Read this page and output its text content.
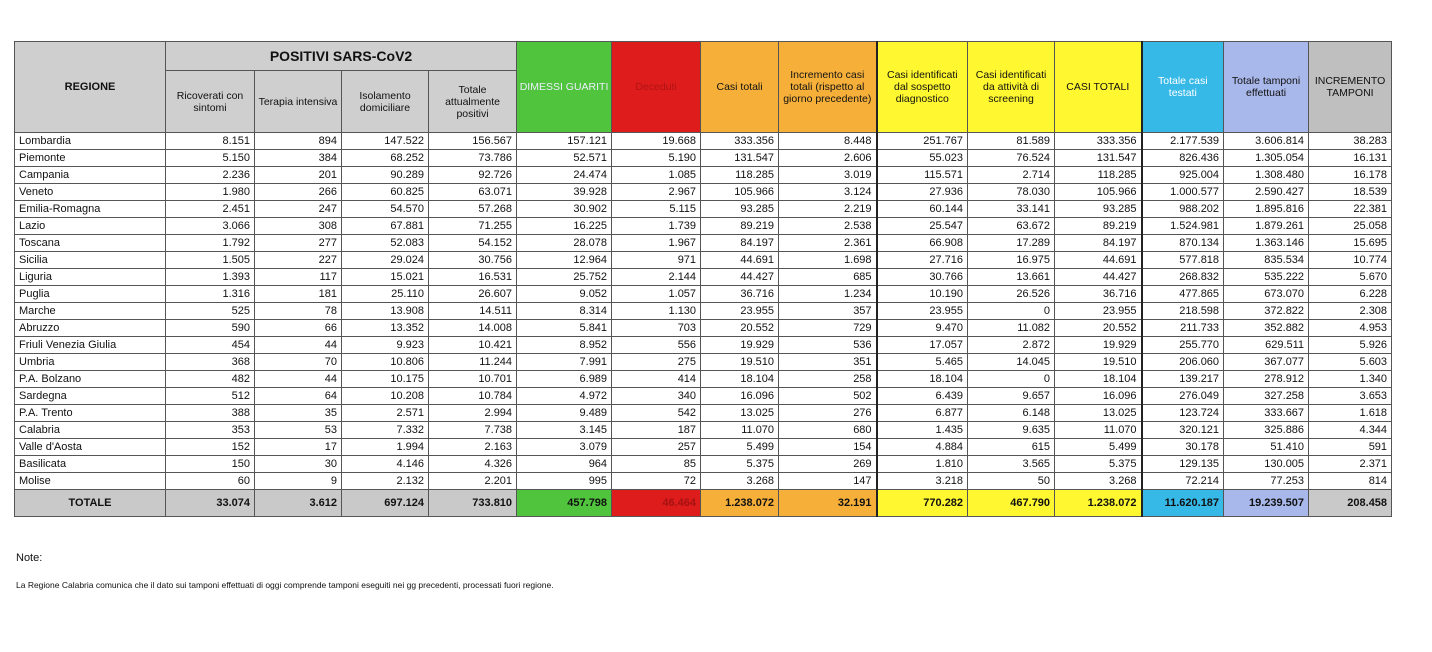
REGIONE	POSITIVI SARS-CoV2				DIMESSI GUARITI	Deceduti	Casi totali	Incremento casi totali (rispetto al giorno precedente)	Casi identificati dal sospetto diagnostico	Casi identificati da attività di screening	CASI TOTALI	Totale casi testati	Totale tamponi effettuati	INCREMENTO TAMPONI
	Ricoverati con sintomi	Terapia intensiva	Isolamento domiciliare	Totale attualmente positivi										
Lombardia	8.151	894	147.522	156.567	157.121	19.668	333.356	8.448	251.767	81.589	333.356	2.177.539	3.606.814	38.283
Piemonte	5.150	384	68.252	73.786	52.571	5.190	131.547	2.606	55.023	76.524	131.547	826.436	1.305.054	16.131
Campania	2.236	201	90.289	92.726	24.474	1.085	118.285	3.019	115.571	2.714	118.285	925.004	1.308.480	16.178
Veneto	1.980	266	60.825	63.071	39.928	2.967	105.966	3.124	27.936	78.030	105.966	1.000.577	2.590.427	18.539
Emilia-Romagna	2.451	247	54.570	57.268	30.902	5.115	93.285	2.219	60.144	33.141	93.285	988.202	1.895.816	22.381
Lazio	3.066	308	67.881	71.255	16.225	1.739	89.219	2.538	25.547	63.672	89.219	1.524.981	1.879.261	25.058
Toscana	1.792	277	52.083	54.152	28.078	1.967	84.197	2.361	66.908	17.289	84.197	870.134	1.363.146	15.695
Sicilia	1.505	227	29.024	30.756	12.964	971	44.691	1.698	27.716	16.975	44.691	577.818	835.534	10.774
Liguria	1.393	117	15.021	16.531	25.752	2.144	44.427	685	30.766	13.661	44.427	268.832	535.222	5.670
Puglia	1.316	181	25.110	26.607	9.052	1.057	36.716	1.234	10.190	26.526	36.716	477.865	673.070	6.228
Marche	525	78	13.908	14.511	8.314	1.130	23.955	357	23.955	0	23.955	218.598	372.822	2.308
Abruzzo	590	66	13.352	14.008	5.841	703	20.552	729	9.470	11.082	20.552	211.733	352.882	4.953
Friuli Venezia Giulia	454	44	9.923	10.421	8.952	556	19.929	536	17.057	2.872	19.929	255.770	629.511	5.926
Umbria	368	70	10.806	11.244	7.991	275	19.510	351	5.465	14.045	19.510	206.060	367.077	5.603
P.A. Bolzano	482	44	10.175	10.701	6.989	414	18.104	258	18.104	0	18.104	139.217	278.912	1.340
Sardegna	512	64	10.208	10.784	4.972	340	16.096	502	6.439	9.657	16.096	276.049	327.258	3.653
P.A. Trento	388	35	2.571	2.994	9.489	542	13.025	276	6.877	6.148	13.025	123.724	333.667	1.618
Calabria	353	53	7.332	7.738	3.145	187	11.070	680	1.435	9.635	11.070	320.121	325.886	4.344
Valle d'Aosta	152	17	1.994	2.163	3.079	257	5.499	154	4.884	615	5.499	30.178	51.410	591
Basilicata	150	30	4.146	4.326	964	85	5.375	269	1.810	3.565	5.375	129.135	130.005	2.371
Molise	60	9	2.132	2.201	995	72	3.268	147	3.218	50	3.268	72.214	77.253	814
TOTALE	33.074	3.612	697.124	733.810	457.798	46.464	1.238.072	32.191	770.282	467.790	1.238.072	11.620.187	19.239.507	208.458
Note:
La Regione Calabria comunica che il dato sui tamponi effettuati di oggi comprende tamponi eseguiti nei gg precedenti, processati fuori regione.
